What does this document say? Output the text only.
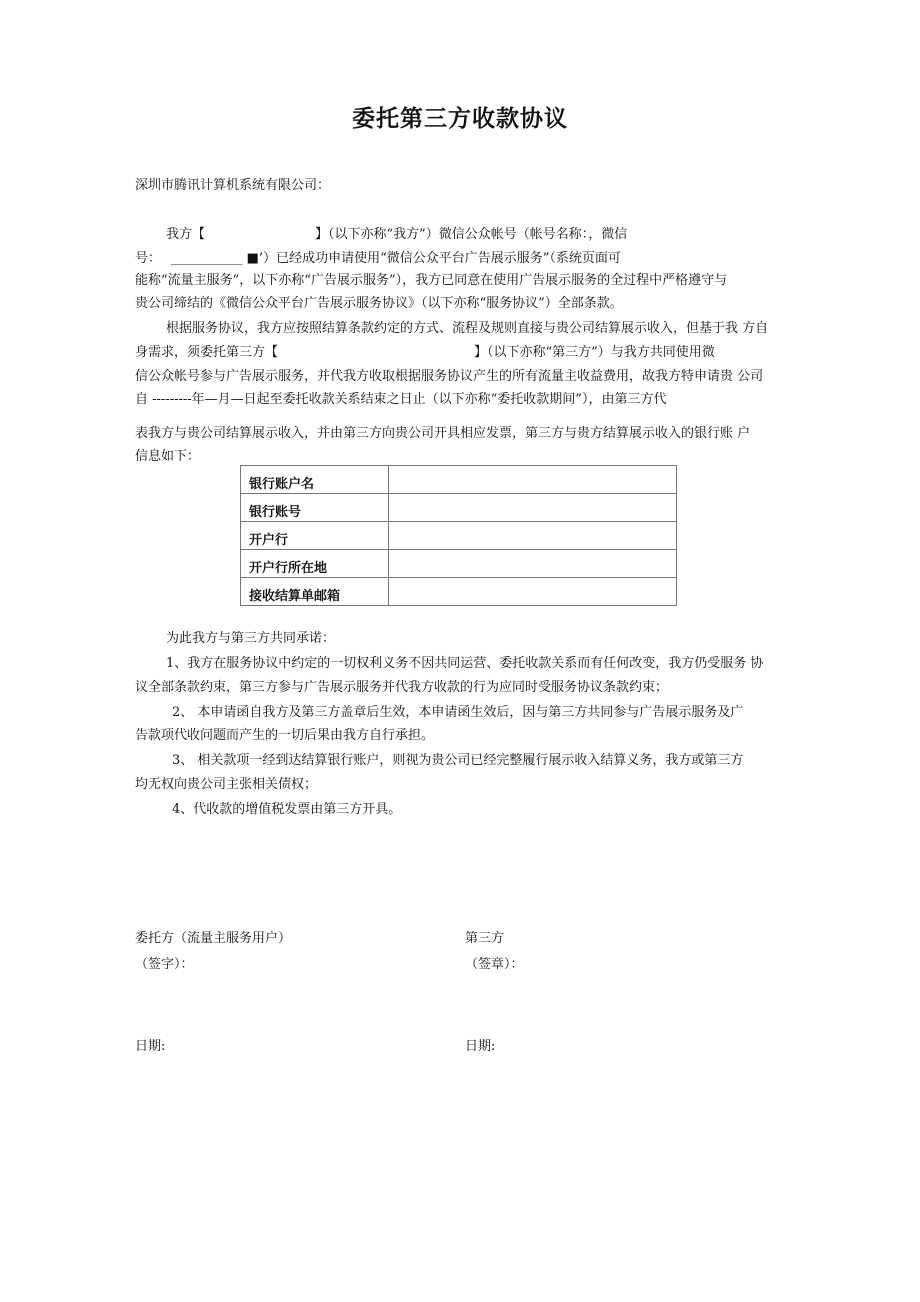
委托第三方收款协议
深圳市腾讯计算机系统有限公司：
我方【	】（以下亦称“我方”）微信公众帐号（帐号名称：，微信
号： ___________ ■’）已经成功申请使用“微信公众平台广告展示服务”（系统页面可
能称“流量主服务”，以下亦称“广告展示服务”），我方已同意在使用广告展示服务的全过程中严格遵守与
贵公司缔结的《微信公众平台广告展示服务协议》（以下亦称“服务协议”）全部条款。
根据服务协议，我方应按照结算条款约定的方式、流程及规则直接与贵公司结算展示收入，但基于我 方自
身需求，须委托第三方【	】（以下亦称“第三方”）与我方共同使用微
信公众帐号参与广告展示服务，并代我方收取根据服务协议产生的所有流量主收益费用，故我方特申请贵 公司
自 ---------年—月—日起至委托收款关系结束之日止（以下亦称“委托收款期间”），由第三方代
表我方与贵公司结算展示收入，并由第三方向贵公司开具相应发票，第三方与贵方结算展示收入的银行账 户
信息如下：
银行账户名	
银行账号	
开户行	
开户行所在地	
接收结算单邮箱	
为此我方与第三方共同承诺：
1、我方在服务协议中约定的一切权利义务不因共同运营、委托收款关系而有任何改变，我方仍受服务 协
议全部条款约束，第三方参与广告展示服务并代我方收款的行为应同时受服务协议条款约束；
2、 本申请函自我方及第三方盖章后生效，本申请函生效后，因与第三方共同参与广告展示服务及广
告款项代收问题而产生的一切后果由我方自行承担。
3、 相关款项一经到达结算银行账户，则视为贵公司已经完整履行展示收入结算义务，我方或第三方
均无权向贵公司主张相关债权；
4、代收款的增值税发票由第三方开具。
委托方（流量主服务用户）
（签字）：
日期:
第三方
（签章）：
日期:
